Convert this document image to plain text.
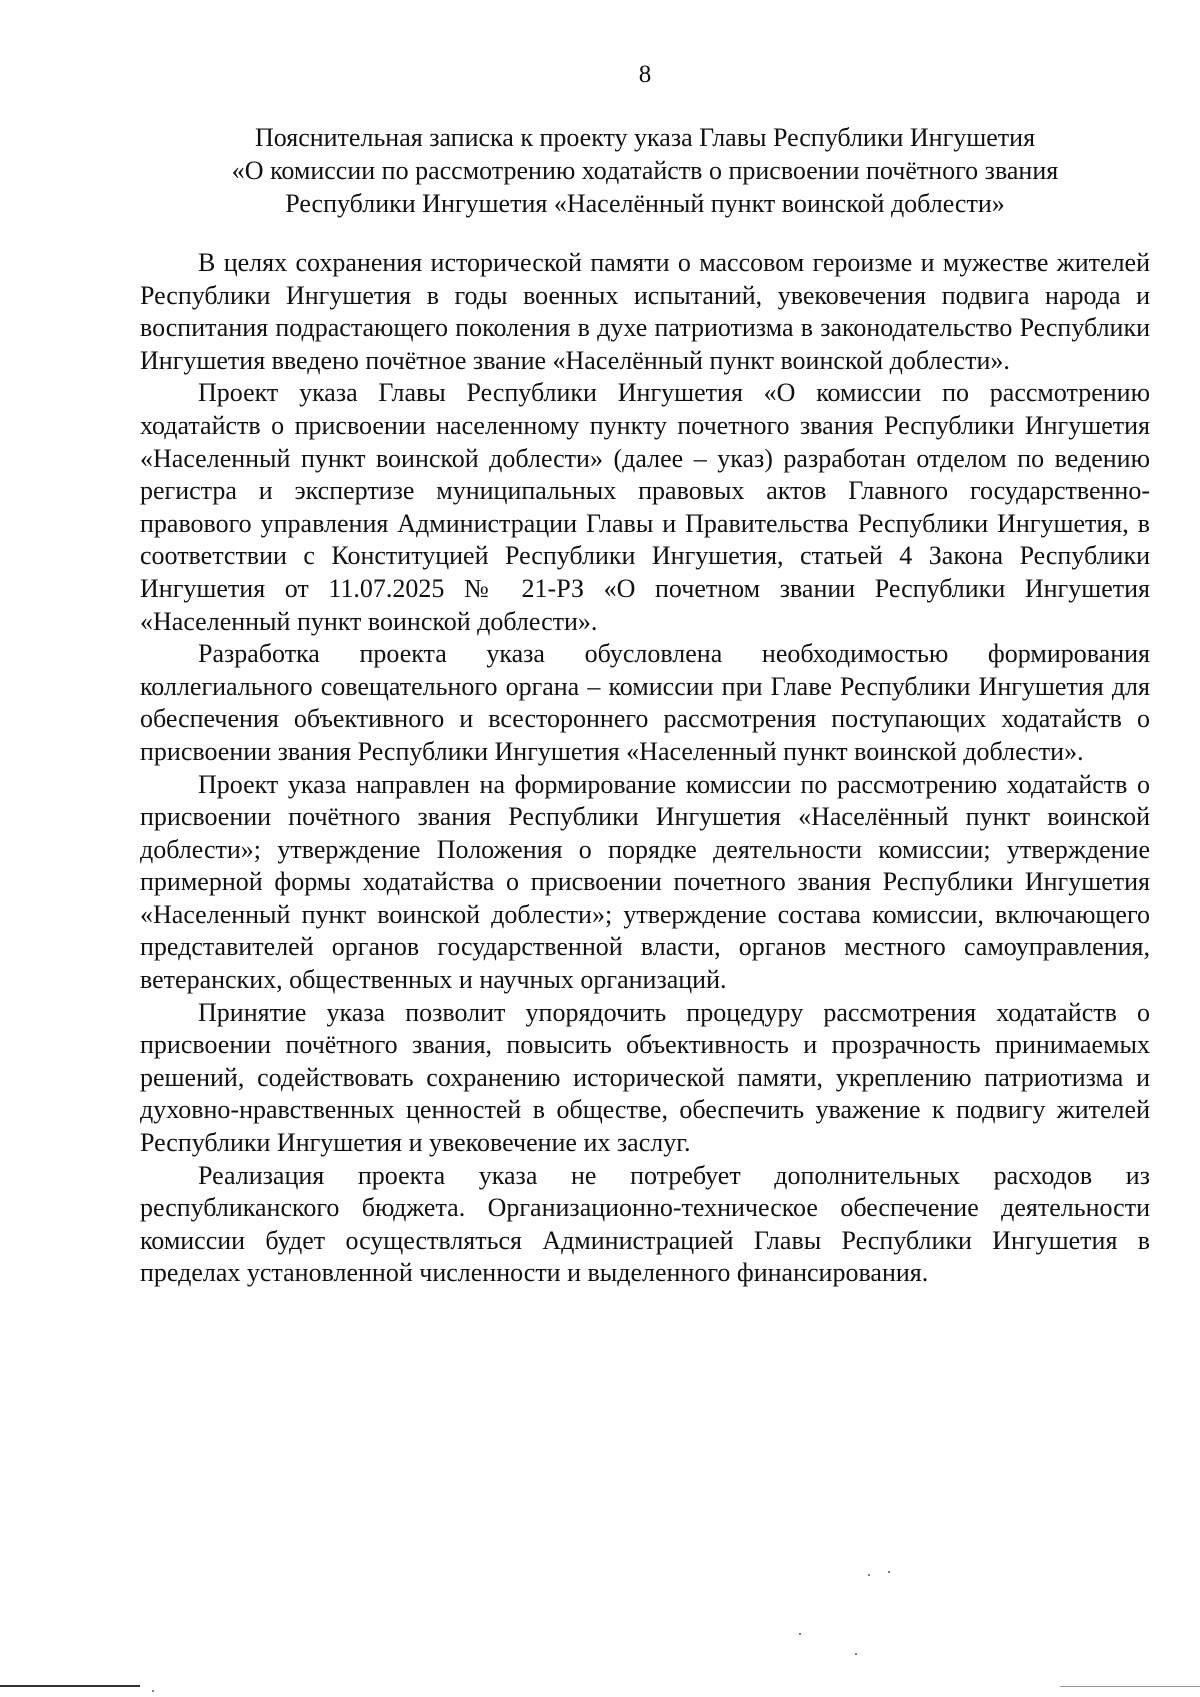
8
Пояснительная записка к проекту указа Главы Республики Ингушетия
«О комиссии по рассмотрению ходатайств о присвоении почётного звания
Республики Ингушетия «Населённый пункт воинской доблести»

В целях сохранения исторической памяти о массовом героизме и мужестве жителей Республики Ингушетия в годы военных испытаний, увековечения подвига народа и воспитания подрастающего поколения в духе патриотизма в законодательство Республики Ингушетия введено почётное звание «Населённый пункт воинской доблести».

Проект указа Главы Республики Ингушетия «О комиссии по рассмотрению ходатайств о присвоении населенному пункту почетного звания Республики Ингушетия «Населенный пункт воинской доблести» (далее – указ) разработан отделом по ведению регистра и экспертизе муниципальных правовых актов Главного государственно-правового управления Администрации Главы и Правительства Республики Ингушетия, в соответствии с Конституцией Республики Ингушетия, статьей 4 Закона Республики Ингушетия от 11.07.2025 № 21-РЗ «О почетном звании Республики Ингушетия «Населенный пункт воинской доблести».

Разработка проекта указа обусловлена необходимостью формирования коллегиального совещательного органа – комиссии при Главе Республики Ингушетия для обеспечения объективного и всестороннего рассмотрения поступающих ходатайств о присвоении звания Республики Ингушетия «Населенный пункт воинской доблести».

Проект указа направлен на формирование комиссии по рассмотрению ходатайств о присвоении почётного звания Республики Ингушетия «Населённый пункт воинской доблести»; утверждение Положения о порядке деятельности комиссии; утверждение примерной формы ходатайства о присвоении почетного звания Республики Ингушетия «Населенный пункт воинской доблести»; утверждение состава комиссии, включающего представителей органов государственной власти, органов местного самоуправления, ветеранских, общественных и научных организаций.

Принятие указа позволит упорядочить процедуру рассмотрения ходатайств о присвоении почётного звания, повысить объективность и прозрачность принимаемых решений, содействовать сохранению исторической памяти, укреплению патриотизма и духовно-нравственных ценностей в обществе, обеспечить уважение к подвигу жителей Республики Ингушетия и увековечение их заслуг.

Реализация проекта указа не потребует дополнительных расходов из республиканского бюджета. Организационно-техническое обеспечение деятельности комиссии будет осуществляться Администрацией Главы Республики Ингушетия в пределах установленной численности и выделенного финансирования.
